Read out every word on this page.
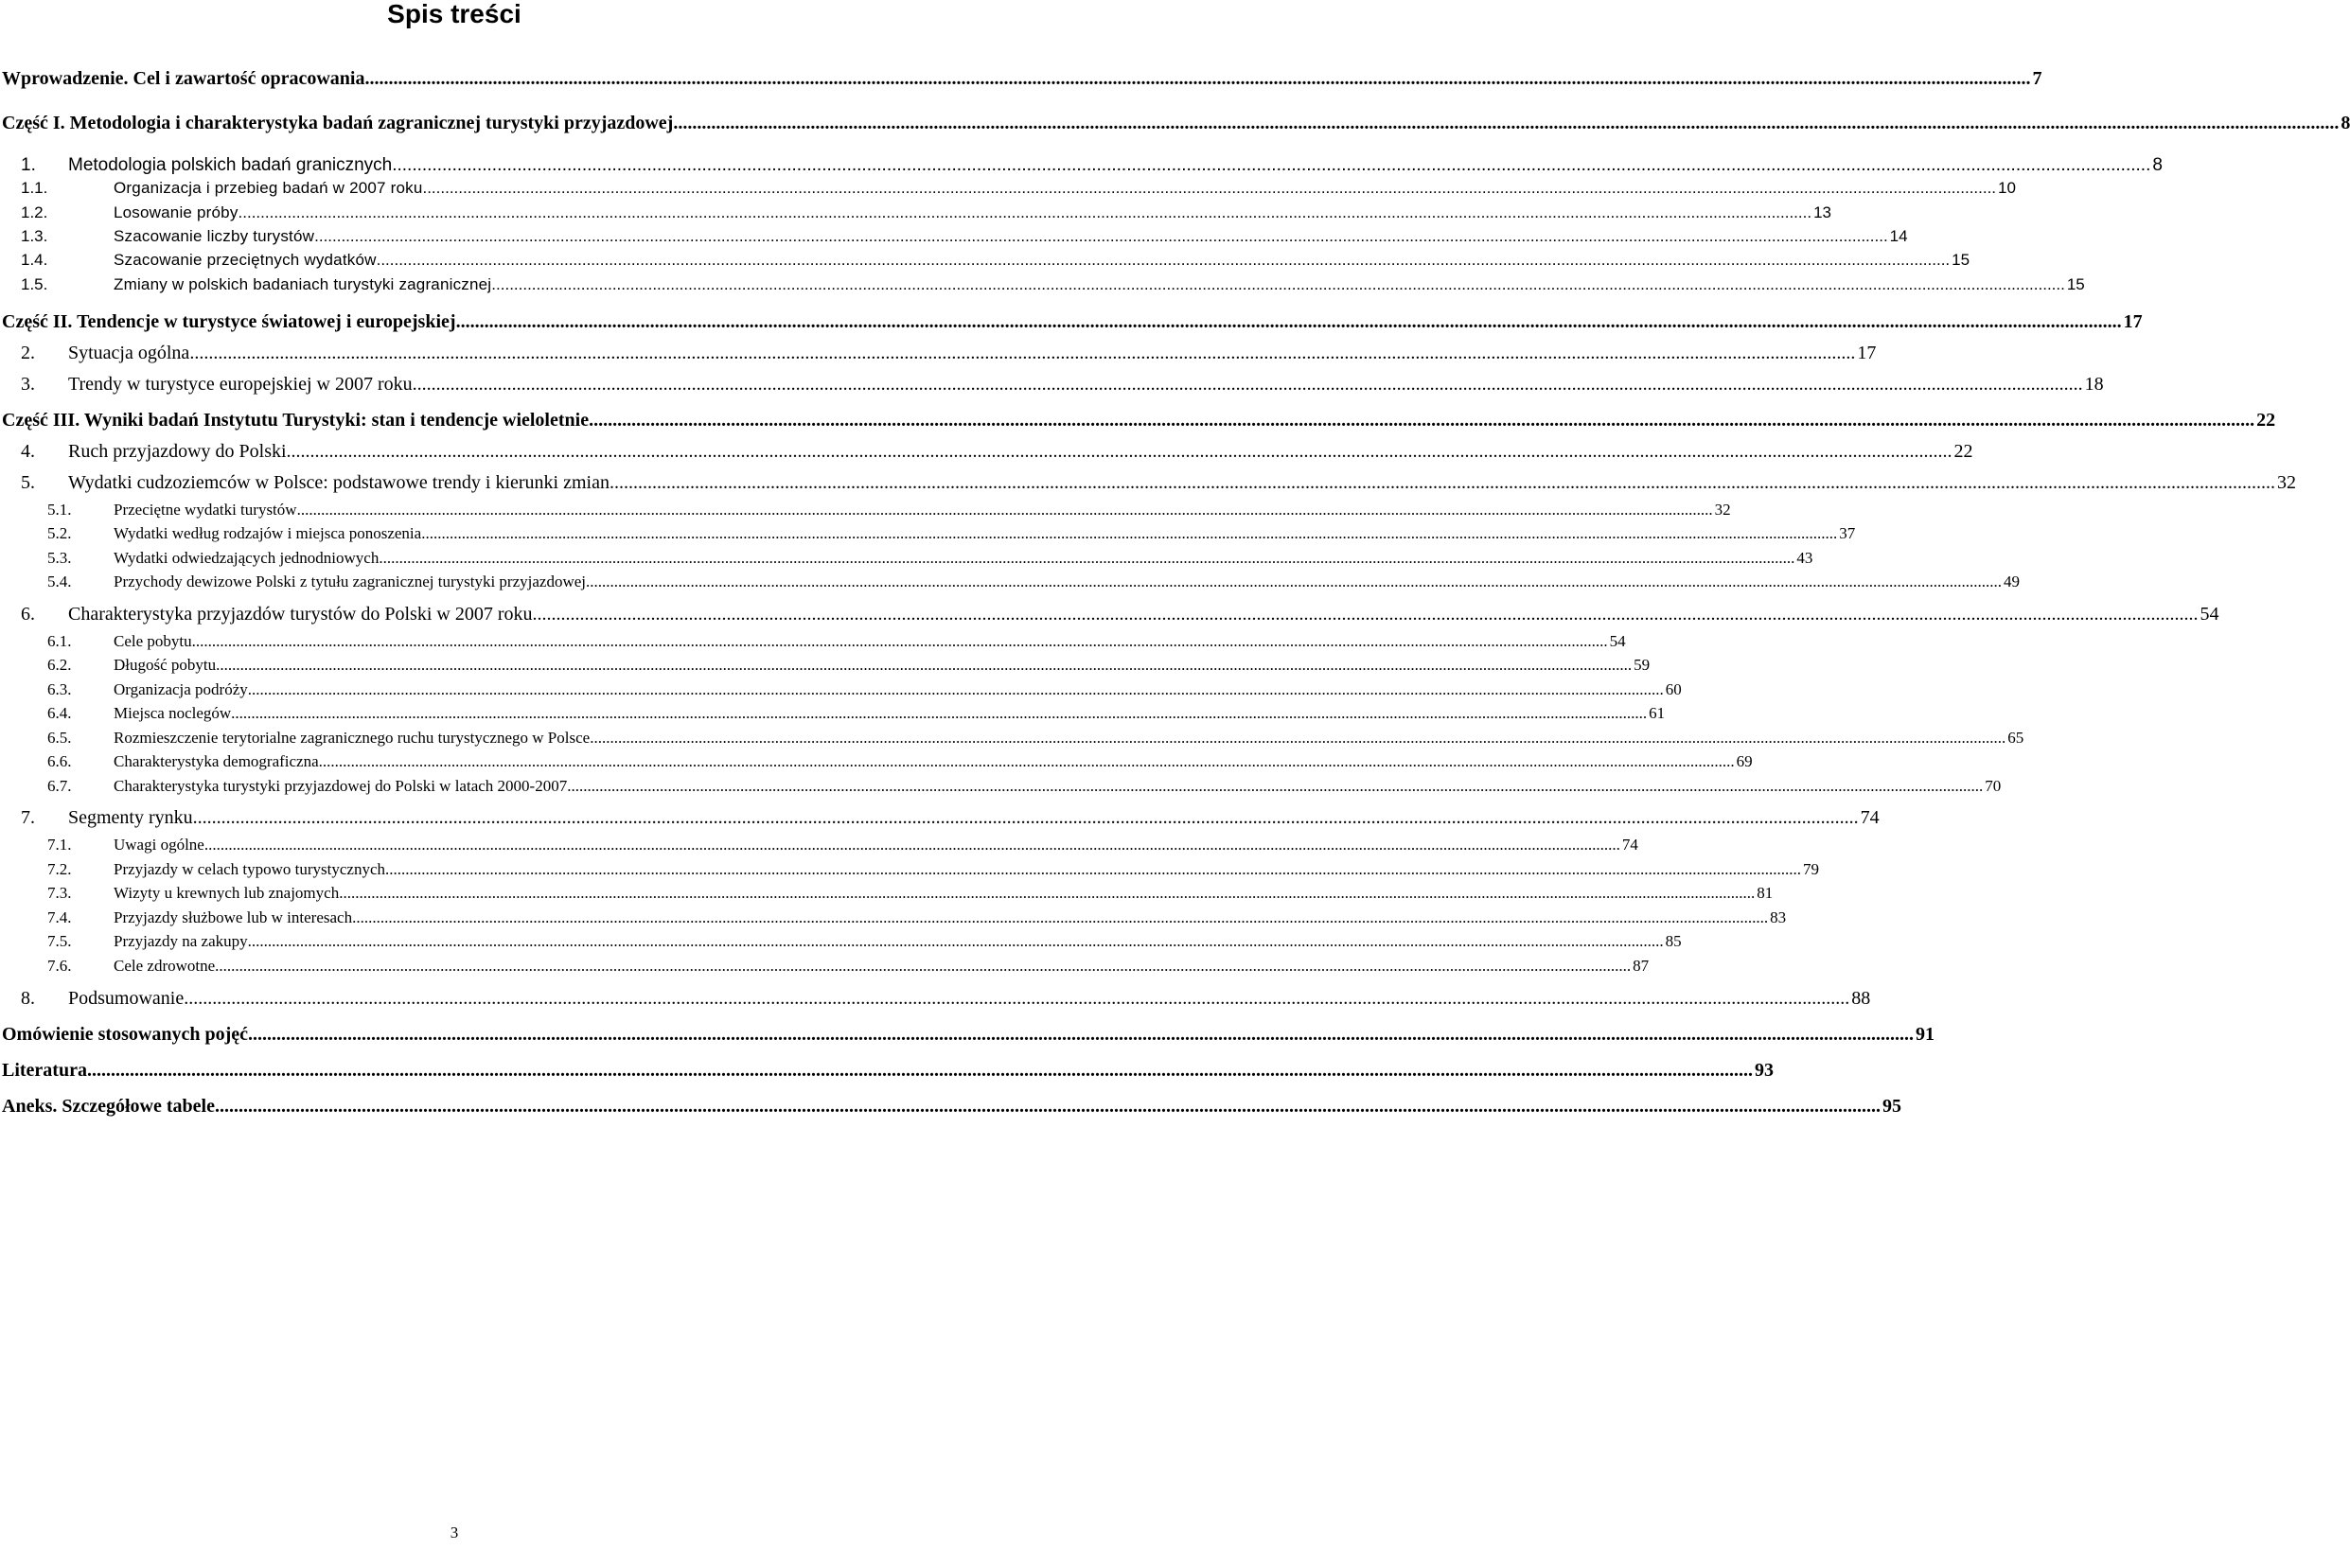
Spis treści
Wprowadzenie. Cel i zawartość opracowania .....	7
Część I. Metodologia i charakterystyka badań zagranicznej turystyki przyjazdowej .....	8
1.	Metodologia polskich badań granicznych .....	8
1.1.	Organizacja i przebieg badań w 2007 roku .....	10
1.2.	Losowanie próby .....	13
1.3.	Szacowanie liczby turystów .....	14
1.4.	Szacowanie przeciętnych wydatków .....	15
1.5.	Zmiany w polskich badaniach turystyki zagranicznej .....	15
Część II. Tendencje w turystyce światowej i europejskiej .....	17
2.	Sytuacja ogólna .....	17
3.	Trendy w turystyce europejskiej w 2007 roku. .....	18
Część III. Wyniki badań Instytutu Turystyki: stan i tendencje wieloletnie .....	22
4.	Ruch przyjazdowy do Polski .....	22
5.	Wydatki cudzoziemców w Polsce: podstawowe trendy i kierunki zmian .....	32
5.1.	Przeciętne wydatki turystów .....	32
5.2.	Wydatki według rodzajów i miejsca ponoszenia .....	37
5.3.	Wydatki odwiedzających jednodniowych .....	43
5.4.	Przychody dewizowe Polski z tytułu zagranicznej turystyki przyjazdowej .....	49
6.	Charakterystyka przyjazdów turystów do Polski w 2007 roku .....	54
6.1.	Cele pobytu .....	54
6.2.	Długość pobytu .....	59
6.3.	Organizacja podróży .....	60
6.4.	Miejsca noclegów .....	61
6.5.	Rozmieszczenie terytorialne zagranicznego ruchu turystycznego w Polsce .....	65
6.6.	Charakterystyka demograficzna .....	69
6.7.	Charakterystyka turystyki przyjazdowej do Polski w latach 2000-2007 .....	70
7.	Segmenty rynku .....	74
7.1.	Uwagi ogólne .....	74
7.2.	Przyjazdy w celach typowo turystycznych .....	79
7.3.	Wizyty u krewnych lub znajomych .....	81
7.4.	Przyjazdy służbowe lub w interesach .....	83
7.5.	Przyjazdy na zakupy .....	85
7.6.	Cele zdrowotne .....	87
8.	Podsumowanie .....	88
Omówienie stosowanych pojęć .....	91
Literatura .....	93
Aneks. Szczegółowe tabele .....	95
3
